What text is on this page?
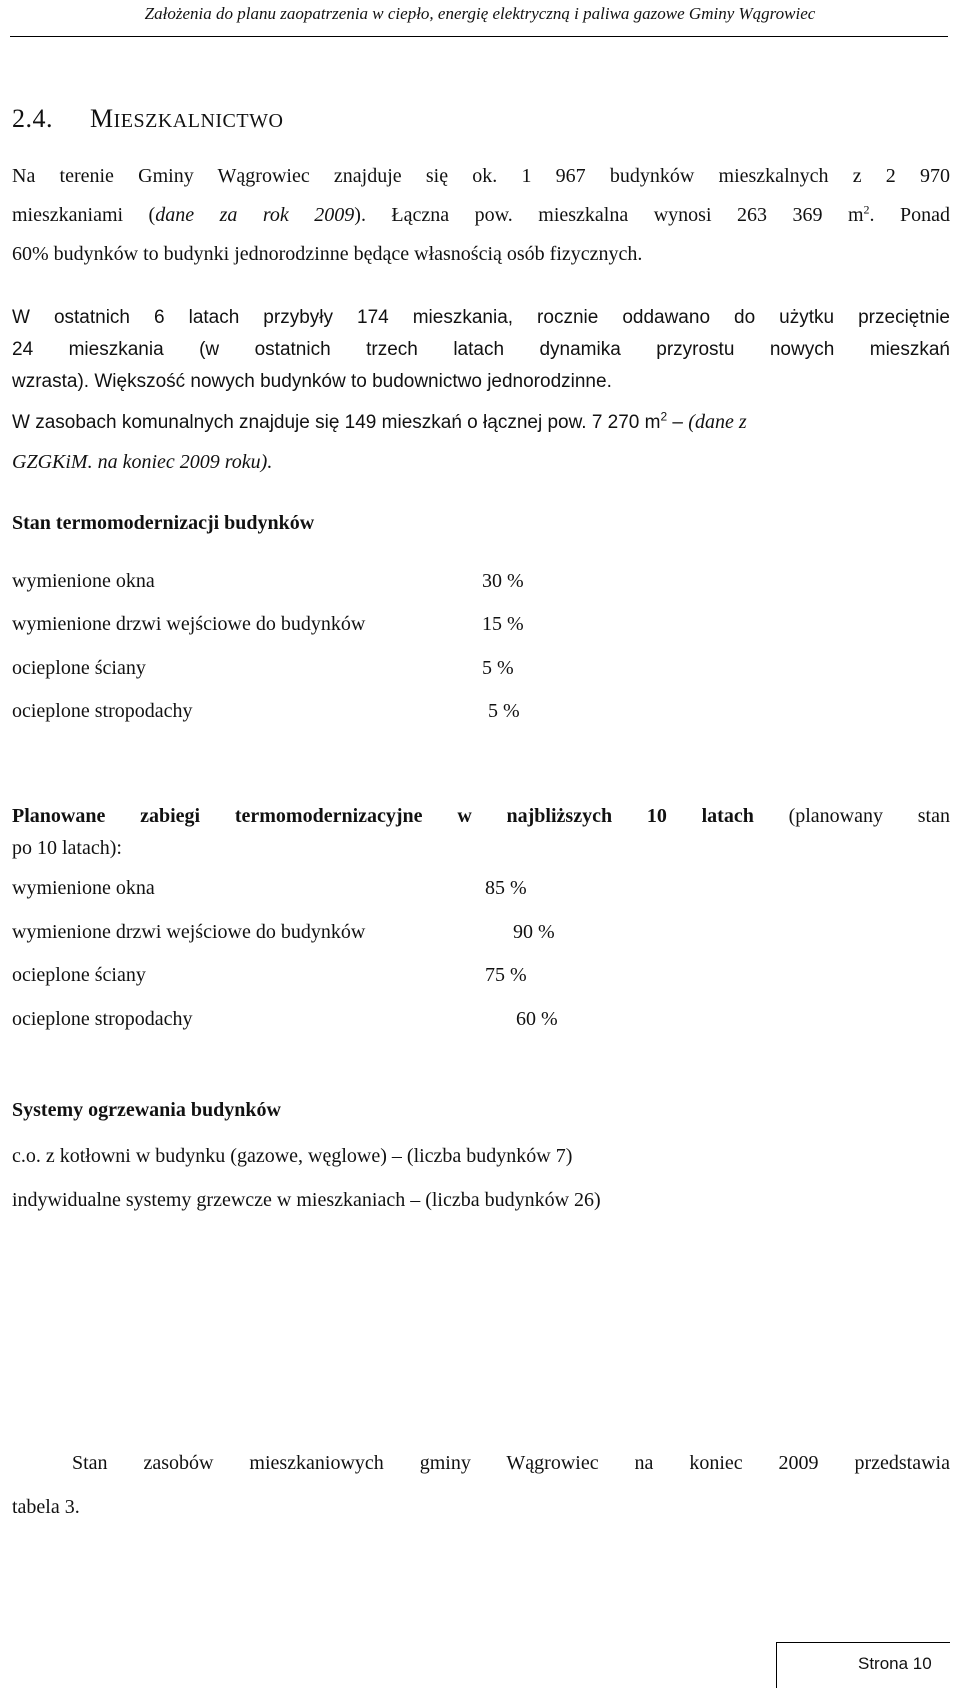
Założenia do planu zaopatrzenia w ciepło, energię elektryczną i paliwa gazowe Gminy Wągrowiec
2.4. MIESZKALNICTWO
Na terenie Gminy Wągrowiec znajduje się ok. 1 967 budynków mieszkalnych z 2 970
mieszkaniami (dane za rok 2009). Łączna pow. mieszkalna wynosi 263 369 $m^2$. Ponad
60% budynków to budynki jednorodzinne będące własnością osób fizycznych.
W ostatnich 6 latach przybyły 174 mieszkania, rocznie oddawano do użytku przeciętnie
24 mieszkania (w ostatnich trzech latach dynamika przyrostu nowych mieszkań
wzrasta). Większość nowych budynków to budownictwo jednorodzinne.
W zasobach komunalnych znajduje się 149 mieszkań o łącznej pow. 7 270 $m^2$ – (dane z
GZGKiM. na koniec 2009 roku).
Stan termomodernizacji budynków
wymienione okna	30 %
wymienione drzwi wejściowe do budynków	15 %
ocieplone ściany	5 %
ocieplone stropodachy	5 %
Planowane zabiegi termomodernizacyjne w najbliższych 10 latach (planowany stan
po 10 latach):
wymienione okna	85 %
wymienione drzwi wejściowe do budynków	90 %
ocieplone ściany	75 %
ocieplone stropodachy	60 %
Systemy ogrzewania budynków
c.o. z kotłowni w budynku (gazowe, węglowe) – (liczba budynków 7)
indywidualne systemy grzewcze w mieszkaniach – (liczba budynków 26)
Stan zasobów mieszkaniowych gminy Wągrowiec na koniec 2009 przedstawia
tabela 3.
Strona 10
